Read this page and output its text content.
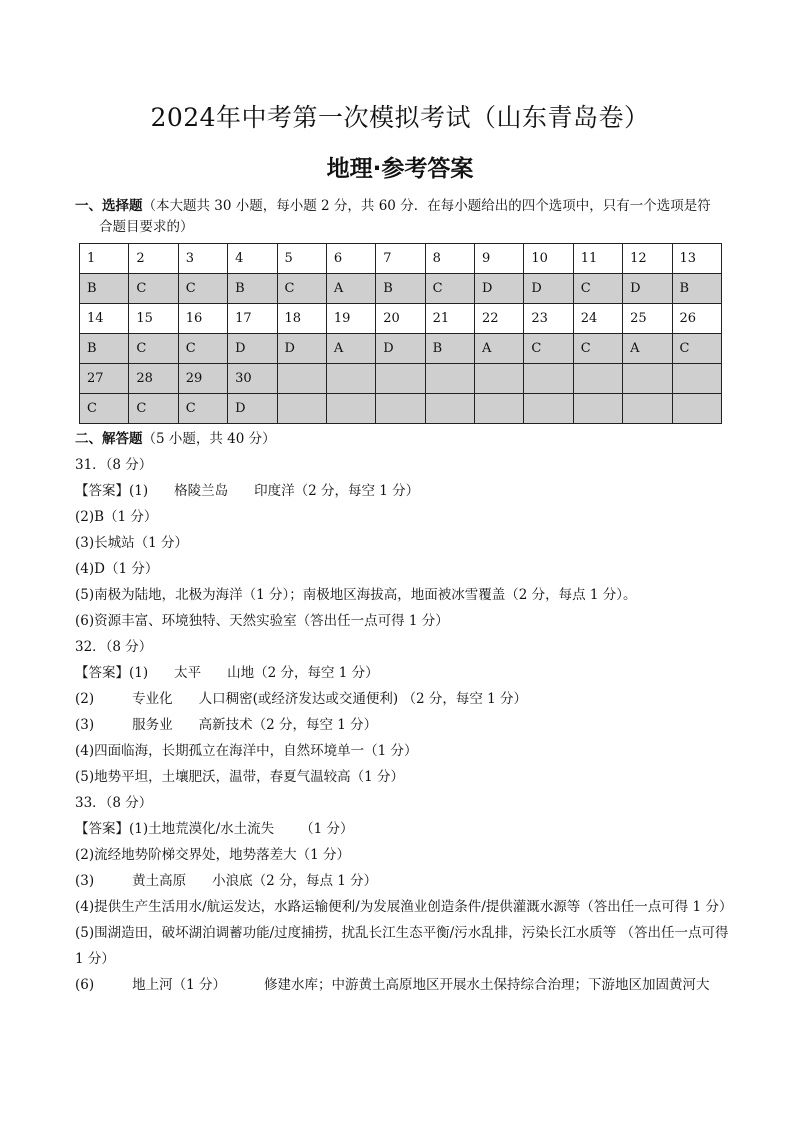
2024年中考第一次模拟考试（山东青岛卷）
地理·参考答案
一、选择题（本大题共 30 小题，每小题 2 分，共 60 分．在每小题给出的四个选项中，只有一个选项是符
合题目要求的）
1	2	3	4	5	6	7	8	9	10	11	12	13
B	C	C	B	C	A	B	C	D	D	C	D	B
14	15	16	17	18	19	20	21	22	23	24	25	26
B	C	C	D	D	A	D	B	A	C	C	A	C
27	28	29	30									
C	C	C	D									
二、解答题（5 小题，共 40 分）
31．（8 分）
【答案】(1) 格陵兰岛 印度洋（2 分，每空 1 分）
(2)B（1 分）
(3)长城站（1 分）
(4)D（1 分）
(5)南极为陆地，北极为海洋（1 分）；南极地区海拔高，地面被冰雪覆盖（2 分，每点 1 分）。
(6)资源丰富、环境独特、天然实验室（答出任一点可得 1 分）
32．（8 分）
【答案】(1) 太平 山地（2 分，每空 1 分）
(2)	专业化 人口稠密(或经济发达或交通便利) （2 分，每空 1 分）
(3)	服务业 高新技术（2 分，每空 1 分）
(4)四面临海，长期孤立在海洋中，自然环境单一（1 分）
(5)地势平坦，土壤肥沃，温带，春夏气温较高（1 分）
33．（8 分）
【答案】(1)土地荒漠化/水土流失 （1 分）
(2)流经地势阶梯交界处，地势落差大（1 分）
(3)	黄土高原 小浪底（2 分，每点 1 分）
(4)提供生产生活用水/航运发达，水路运输便利/为发展渔业创造条件/提供灌溉水源等（答出任一点可得 1 分）
(5)围湖造田，破坏湖泊调蓄功能/过度捕捞，扰乱长江生态平衡/污水乱排，污染长江水质等 （答出任一点可得 1 分）
(6)	地上河（1 分）	修建水库；中游黄土高原地区开展水土保持综合治理；下游地区加固黄河大
